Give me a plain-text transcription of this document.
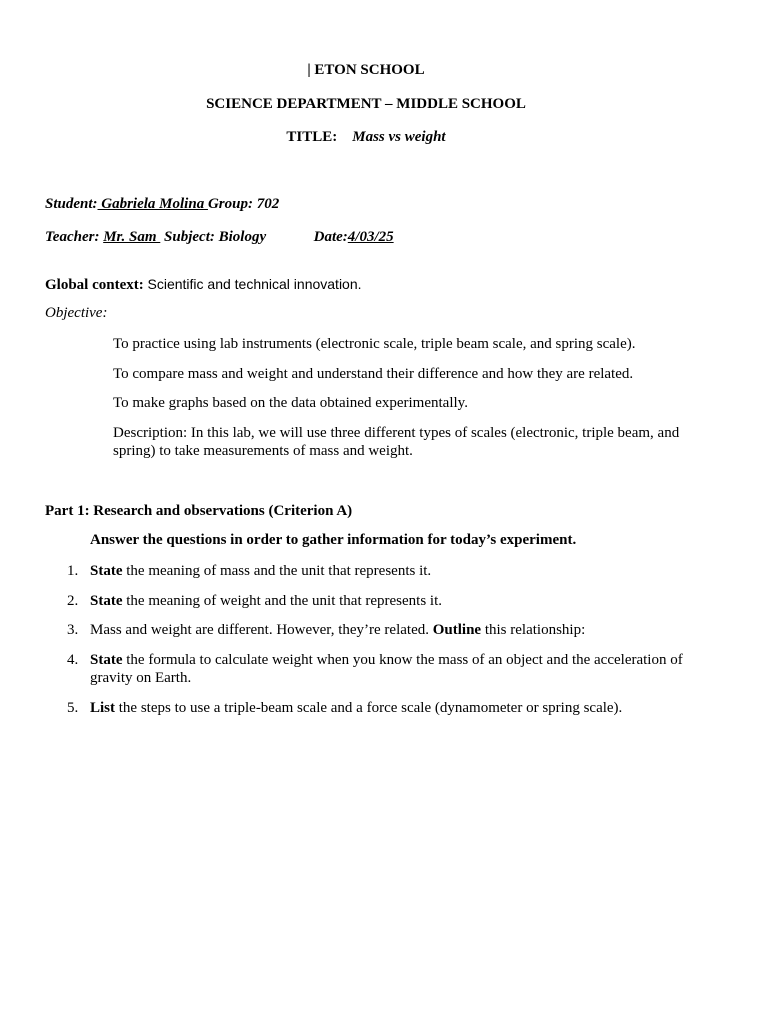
| ETON SCHOOL
SCIENCE DEPARTMENT – MIDDLE SCHOOL
TITLE: Mass vs weight
Student: Gabriela Molina Group: 702
Teacher: Mr. Sam  Subject: Biology	Date:4/03/25
Global context: Scientific and technical innovation.
Objective:
To practice using lab instruments (electronic scale, triple beam scale, and spring scale).
To compare mass and weight and understand their difference and how they are related.
To make graphs based on the data obtained experimentally.
Description: In this lab, we will use three different types of scales (electronic, triple beam, and spring) to take measurements of mass and weight.
Part 1: Research and observations (Criterion A)
Answer the questions in order to gather information for today’s experiment.
1. State the meaning of mass and the unit that represents it.
2. State the meaning of weight and the unit that represents it.
3. Mass and weight are different. However, they’re related. Outline this relationship:
4. State the formula to calculate weight when you know the mass of an object and the acceleration of gravity on Earth.
5. List the steps to use a triple-beam scale and a force scale (dynamometer or spring scale).
